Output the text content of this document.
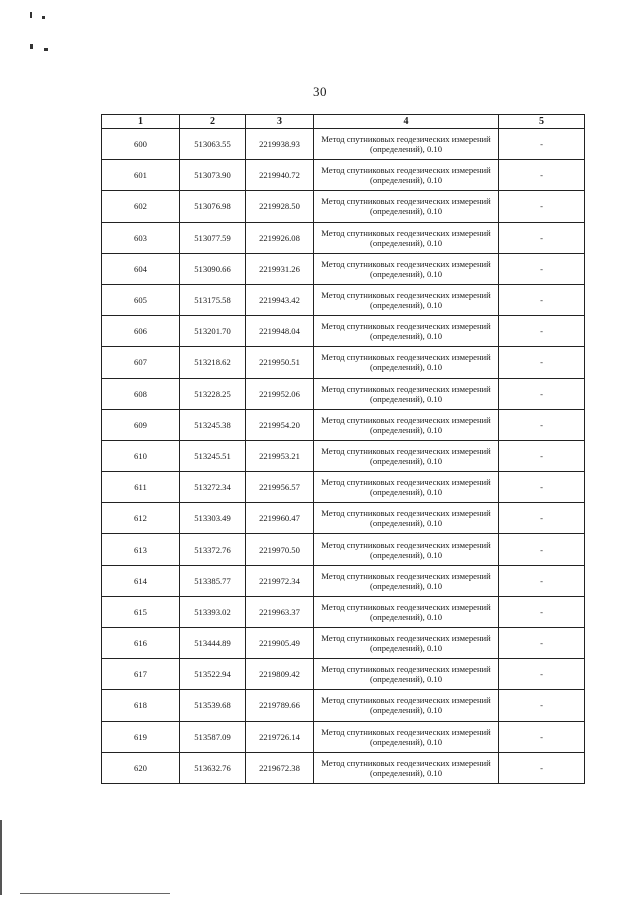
30
1	2	3	4	5
600	513063.55	2219938.93	Метод спутниковых геодезических измерений (определений), 0.10	-
601	513073.90	2219940.72	Метод спутниковых геодезических измерений (определений), 0.10	-
602	513076.98	2219928.50	Метод спутниковых геодезических измерений (определений), 0.10	-
603	513077.59	2219926.08	Метод спутниковых геодезических измерений (определений), 0.10	-
604	513090.66	2219931.26	Метод спутниковых геодезических измерений (определений), 0.10	-
605	513175.58	2219943.42	Метод спутниковых геодезических измерений (определений), 0.10	-
606	513201.70	2219948.04	Метод спутниковых геодезических измерений (определений), 0.10	-
607	513218.62	2219950.51	Метод спутниковых геодезических измерений (определений), 0.10	-
608	513228.25	2219952.06	Метод спутниковых геодезических измерений (определений), 0.10	-
609	513245.38	2219954.20	Метод спутниковых геодезических измерений (определений), 0.10	-
610	513245.51	2219953.21	Метод спутниковых геодезических измерений (определений), 0.10	-
611	513272.34	2219956.57	Метод спутниковых геодезических измерений (определений), 0.10	-
612	513303.49	2219960.47	Метод спутниковых геодезических измерений (определений), 0.10	-
613	513372.76	2219970.50	Метод спутниковых геодезических измерений (определений), 0.10	-
614	513385.77	2219972.34	Метод спутниковых геодезических измерений (определений), 0.10	-
615	513393.02	2219963.37	Метод спутниковых геодезических измерений (определений), 0.10	-
616	513444.89	2219905.49	Метод спутниковых геодезических измерений (определений), 0.10	-
617	513522.94	2219809.42	Метод спутниковых геодезических измерений (определений), 0.10	-
618	513539.68	2219789.66	Метод спутниковых геодезических измерений (определений), 0.10	-
619	513587.09	2219726.14	Метод спутниковых геодезических измерений (определений), 0.10	-
620	513632.76	2219672.38	Метод спутниковых геодезических измерений (определений), 0.10	-
